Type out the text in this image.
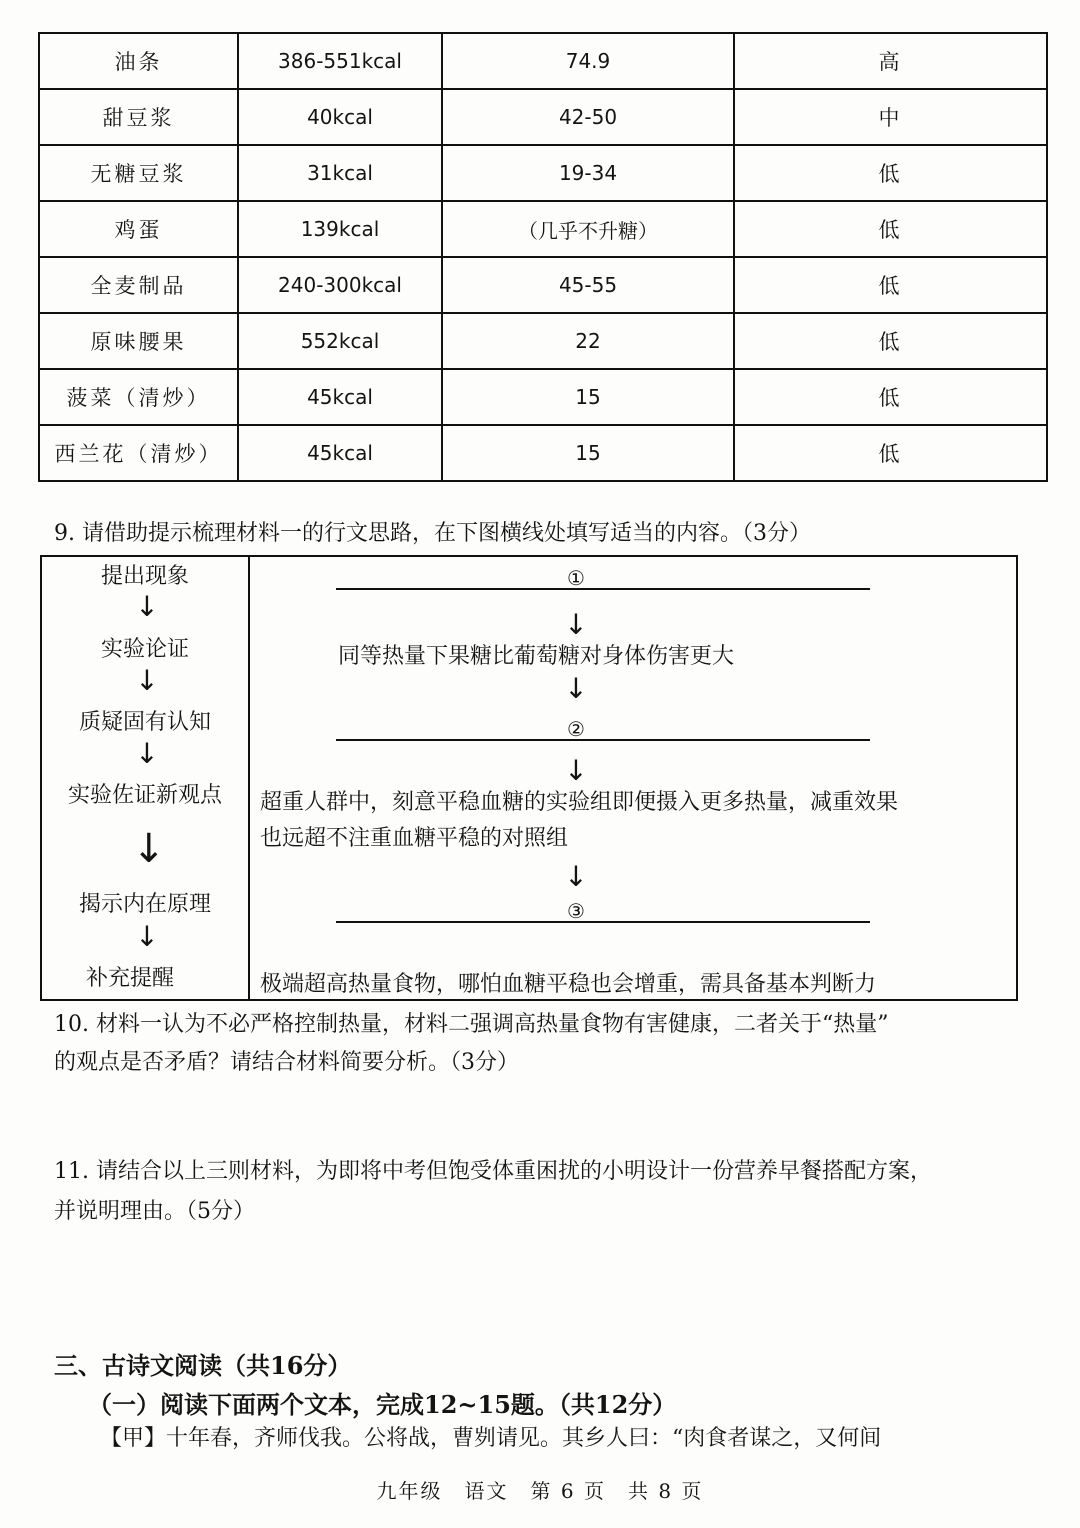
油条	386-551kcal	74.9	高
甜豆浆	40kcal	42-50	中
无糖豆浆	31kcal	19-34	低
鸡蛋	139kcal	（几乎不升糖）	低
全麦制品	240-300kcal	45-55	低
原味腰果	552kcal	22	低
菠菜（清炒）	45kcal	15	低
西兰花（清炒）	45kcal	15	低
9. 请借助提示梳理材料一的行文思路，在下图横线处填写适当的内容。（3分）
提出现象
↓
实验论证
↓
质疑固有认知
↓
实验佐证新观点
↓
揭示内在原理
↓
补充提醒
①
↓
同等热量下果糖比葡萄糖对身体伤害更大
↓
②
↓
超重人群中，刻意平稳血糖的实验组即便摄入更多热量，减重效果
也远超不注重血糖平稳的对照组
↓
③
极端超高热量食物，哪怕血糖平稳也会增重，需具备基本判断力
10. 材料一认为不必严格控制热量，材料二强调高热量食物有害健康，二者关于“热量”
的观点是否矛盾？请结合材料简要分析。（3分）
11. 请结合以上三则材料，为即将中考但饱受体重困扰的小明设计一份营养早餐搭配方案，
并说明理由。（5分）
三、古诗文阅读（共16分）
（一）阅读下面两个文本，完成12~15题。（共12分）
【甲】十年春，齐师伐我。公将战，曹刿请见。其乡人曰：“肉食者谋之，又何间
九年级　语文　第 6 页　共 8 页
